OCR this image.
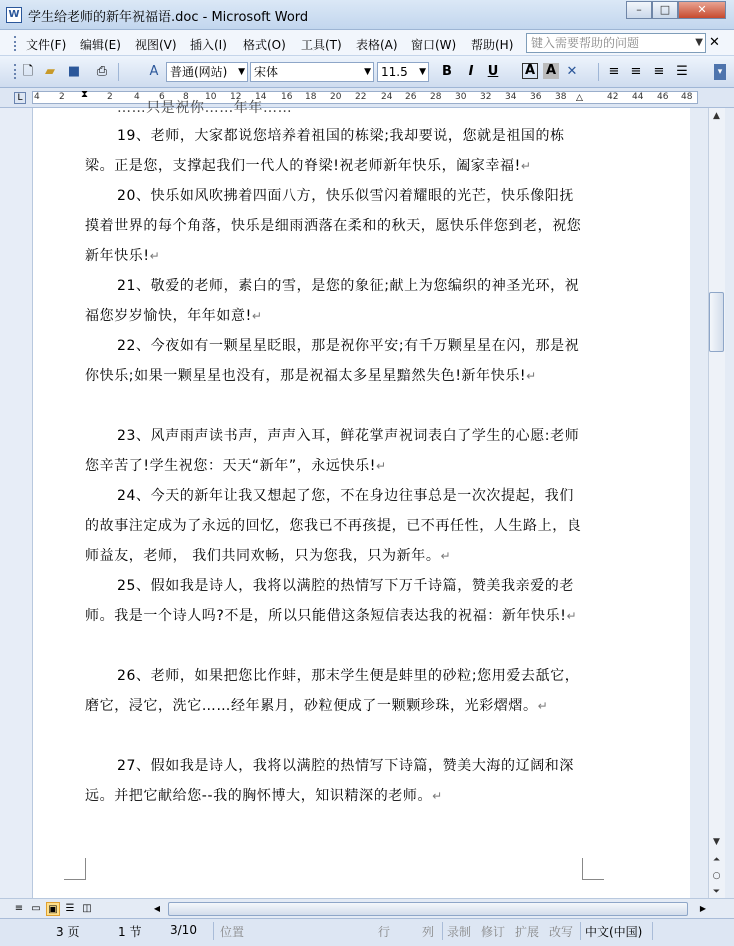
W 学生给老师的新年祝福语.doc - Microsoft Word
–	□	✕
文件(F) 编辑(E) 视图(V) 插入(I) 格式(O) 工具(T) 表格(A) 窗口(W) 帮助(H)	键入需要帮助的问题	▼ ✕
🗋 ▰ ■ ⎙	A 普通(网站) ▼ 宋体	▼ 11.5 ▼	B	I	U A A ✕ ≡ ≡ ≡ ☰	▾
L	4 2	2 4 6 8 10 12 14 16 18 20 22 24 26 28 30 32 34 36 38	42 44 46 48
⧗	△
……只是祝你……年年……
19、老师，大家都说您培养着祖国的栋梁;我却要说，您就是祖国的栋梁。正是您，支撑起我们一代人的脊梁!祝老师新年快乐，阖家幸福!↵
20、快乐如风吹拂着四面八方，快乐似雪闪着耀眼的光芒，快乐像阳抚摸着世界的每个角落，快乐是细雨洒落在柔和的秋天，愿快乐伴您到老，祝您新年快乐!↵
21、敬爱的老师，素白的雪，是您的象征;献上为您编织的神圣光环，祝福您岁岁愉快，年年如意!↵
22、今夜如有一颗星星眨眼，那是祝你平安;有千万颗星星在闪，那是祝你快乐;如果一颗星星也没有，那是祝福太多星星黯然失色!新年快乐!↵
23、风声雨声读书声，声声入耳，鲜花掌声祝词表白了学生的心愿:老师您辛苦了!学生祝您：天天“新年”，永远快乐!↵
24、今天的新年让我又想起了您，不在身边往事总是一次次提起，我们的故事注定成为了永远的回忆，您我已不再孩提，已不再任性，人生路上，良师益友，老师， 我们共同欢畅，只为您我，只为新年。↵
25、假如我是诗人，我将以满腔的热情写下万千诗篇，赞美我亲爱的老师。我是一个诗人吗?不是，所以只能借这条短信表达我的祝福：新年快乐!↵
26、老师，如果把您比作蚌，那末学生便是蚌里的砂粒;您用爱去舐它，磨它，浸它，洗它……经年累月，砂粒便成了一颗颗珍珠，光彩熠熠。↵
27、假如我是诗人，我将以满腔的热情写下诗篇，赞美大海的辽阔和深远。并把它献给您--我的胸怀博大，知识精深的老师。↵
▲
▼
⏶
○
⏷
≡ ▭ ▣ ☰ ◫	◀	▶
3 页	1 节 3/10 位置	行	列 录制 修订 扩展 改写 中文(中国)
